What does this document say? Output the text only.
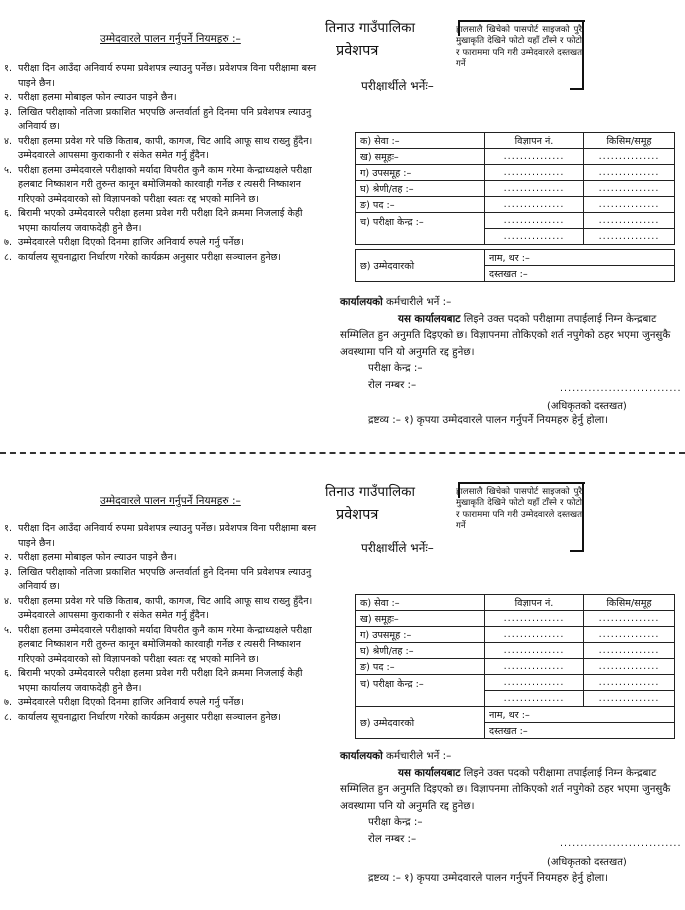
उम्मेदवारले पालन गर्नुपर्ने नियमहरु :–
१. परीक्षा दिन आउँदा अनिवार्य रुपमा प्रवेशपत्र ल्याउनु पर्नेछ। प्रवेशपत्र विना परीक्षामा बस्न पाइने छैन।
२. परीक्षा हलमा मोबाइल फोन ल्याउन पाइने छैन।
३. लिखित परीक्षाको नतिजा प्रकाशित भएपछि अन्तर्वार्ता हुने दिनमा पनि प्रवेशपत्र ल्याउनु अनिवार्य छ।
४. परीक्षा हलमा प्रवेश गरे पछि किताब, कापी, कागज, चिट आदि आफू साथ राख्नु हुँदैन। उम्मेदवारले आपसमा कुराकानी र संकेत समेत गर्नु हुँदैन।
५. परीक्षा हलमा उम्मेदवारले परीक्षाको मर्यादा विपरीत कुनै काम गरेमा केन्द्राध्यक्षले परीक्षा हलबाट निष्काशन गरी तुरुन्त कानून बमोजिमको कारवाही गर्नेछ र त्यसरी निष्काशन गरिएको उम्मेदवारको सो विज्ञापनको परीक्षा स्वतः रद्द भएको मानिने छ।
६. बिरामी भएको उम्मेदवारले परीक्षा हलमा प्रवेश गरी परीक्षा दिने क्रममा निजलाई केही भएमा कार्यालय जवाफदेही हुने छैन।
७. उम्मेदवारले परीक्षा दिएको दिनमा हाजिर अनिवार्य रुपले गर्नु पर्नेछ।
८. कार्यालय सूचनाद्वारा निर्धारण गरेको कार्यक्रम अनुसार परीक्षा सञ्चालन हुनेछ।
तिनाउ गाउँपालिका
प्रवेशपत्र
परीक्षार्थीले भर्नेः–
हालसालै खिचेको पासपोर्ट साइजको पुरै मुखाकृति देखिने फोटो यहाँ टाँस्ने र फोटो र फाराममा पनि गरी उम्मेदवारले दस्तखत गर्ने
क) सेवा :–	विज्ञापन नं.	किसिम/समूह
ख) समूहः–	...............	...............
ग) उपसमूह :–	...............	...............
घ) श्रेणी/तह :–	...............	...............
ङ) पद :–	...............	...............
च) परीक्षा केन्द्र :–	...............	...............
	...............	...............

छ) उम्मेदवारको	नाम, थर :–	
	दस्तखत :–	
कार्यालयको कर्मचारीले भर्ने :–
यस कार्यालयबाट लिइने उक्त पदको परीक्षामा तपाईलाई निम्न केन्द्रबाट सम्मिलित हुन अनुमति दिइएको छ। विज्ञापनमा तोकिएको शर्त नपुगेको ठहर भएमा जुनसुकै अवस्थामा पनि यो अनुमति रद्द हुनेछ।
परीक्षा केन्द्र :–
रोल नम्बर :–	..............................
(अधिकृतको दस्तखत)
द्रष्टव्य :– १) कृपया उम्मेदवारले पालन गर्नुपर्ने नियमहरु हेर्नु होला।
उम्मेदवारले पालन गर्नुपर्ने नियमहरु :–
१. परीक्षा दिन आउँदा अनिवार्य रुपमा प्रवेशपत्र ल्याउनु पर्नेछ। प्रवेशपत्र विना परीक्षामा बस्न पाइने छैन।
२. परीक्षा हलमा मोबाइल फोन ल्याउन पाइने छैन।
३. लिखित परीक्षाको नतिजा प्रकाशित भएपछि अन्तर्वार्ता हुने दिनमा पनि प्रवेशपत्र ल्याउनु अनिवार्य छ।
४. परीक्षा हलमा प्रवेश गरे पछि किताब, कापी, कागज, चिट आदि आफू साथ राख्नु हुँदैन। उम्मेदवारले आपसमा कुराकानी र संकेत समेत गर्नु हुँदैन।
५. परीक्षा हलमा उम्मेदवारले परीक्षाको मर्यादा विपरीत कुनै काम गरेमा केन्द्राध्यक्षले परीक्षा हलबाट निष्काशन गरी तुरुन्त कानून बमोजिमको कारवाही गर्नेछ र त्यसरी निष्काशन गरिएको उम्मेदवारको सो विज्ञापनको परीक्षा स्वतः रद्द भएको मानिने छ।
६. बिरामी भएको उम्मेदवारले परीक्षा हलमा प्रवेश गरी परीक्षा दिने क्रममा निजलाई केही भएमा कार्यालय जवाफदेही हुने छैन।
७. उम्मेदवारले परीक्षा दिएको दिनमा हाजिर अनिवार्य रुपले गर्नु पर्नेछ।
८. कार्यालय सूचनाद्वारा निर्धारण गरेको कार्यक्रम अनुसार परीक्षा सञ्चालन हुनेछ।
तिनाउ गाउँपालिका
प्रवेशपत्र
परीक्षार्थीले भर्नेः–
हालसालै खिचेको पासपोर्ट साइजको पुरै मुखाकृति देखिने फोटो यहाँ टाँस्ने र फोटो र फाराममा पनि गरी उम्मेदवारले दस्तखत गर्ने
क) सेवा :–	विज्ञापन नं.	किसिम/समूह
ख) समूहः–	...............	...............
ग) उपसमूह :–	...............	...............
घ) श्रेणी/तह :–	...............	...............
ङ) पद :–	...............	...............
च) परीक्षा केन्द्र :–	...............	...............
	...............	...............
छ) उम्मेदवारको	नाम, थर :–	
	दस्तखत :–	
कार्यालयको कर्मचारीले भर्ने :–
यस कार्यालयबाट लिइने उक्त पदको परीक्षामा तपाईलाई निम्न केन्द्रबाट सम्मिलित हुन अनुमति दिइएको छ। विज्ञापनमा तोकिएको शर्त नपुगेको ठहर भएमा जुनसुकै अवस्थामा पनि यो अनुमति रद्द हुनेछ।
परीक्षा केन्द्र :–
रोल नम्बर :–	..............................
(अधिकृतको दस्तखत)
द्रष्टव्य :– १) कृपया उम्मेदवारले पालन गर्नुपर्ने नियमहरु हेर्नु होला।
